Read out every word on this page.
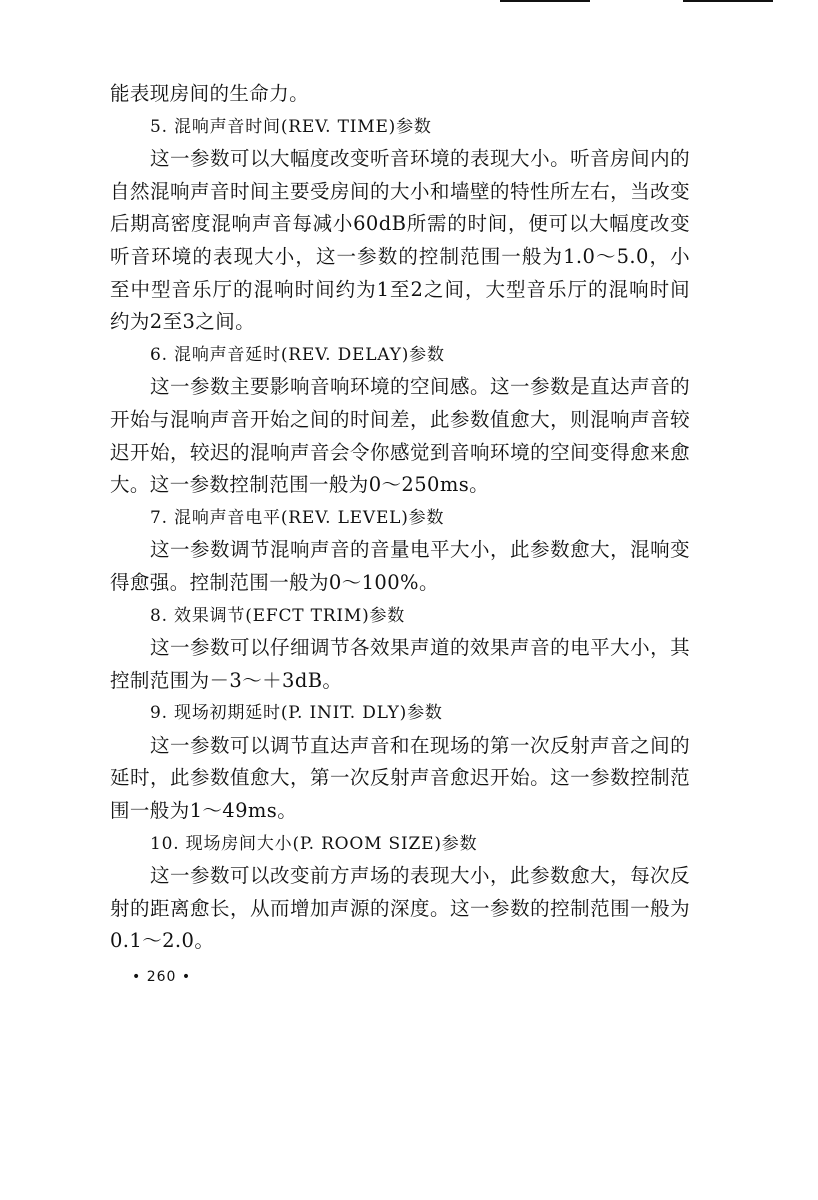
能表现房间的生命力。

5. 混响声音时间(REV. TIME)参数

这一参数可以大幅度改变听音环境的表现大小。听音房间内的自然混响声音时间主要受房间的大小和墙壁的特性所左右，当改变后期高密度混响声音每减小60dB所需的时间，便可以大幅度改变听音环境的表现大小，这一参数的控制范围一般为1.0～5.0，小至中型音乐厅的混响时间约为1至2之间，大型音乐厅的混响时间约为2至3之间。

6. 混响声音延时(REV. DELAY)参数

这一参数主要影响音响环境的空间感。这一参数是直达声音的开始与混响声音开始之间的时间差，此参数值愈大，则混响声音较迟开始，较迟的混响声音会令你感觉到音响环境的空间变得愈来愈大。这一参数控制范围一般为0～250ms。

7. 混响声音电平(REV. LEVEL)参数

这一参数调节混响声音的音量电平大小，此参数愈大，混响变得愈强。控制范围一般为0～100%。

8. 效果调节(EFCT TRIM)参数

这一参数可以仔细调节各效果声道的效果声音的电平大小，其控制范围为－3～＋3dB。

9. 现场初期延时(P. INIT. DLY)参数

这一参数可以调节直达声音和在现场的第一次反射声音之间的延时，此参数值愈大，第一次反射声音愈迟开始。这一参数控制范围一般为1～49ms。

10. 现场房间大小(P. ROOM SIZE)参数

这一参数可以改变前方声场的表现大小，此参数愈大，每次反射的距离愈长，从而增加声源的深度。这一参数的控制范围一般为0.1～2.0。

• 260 •
